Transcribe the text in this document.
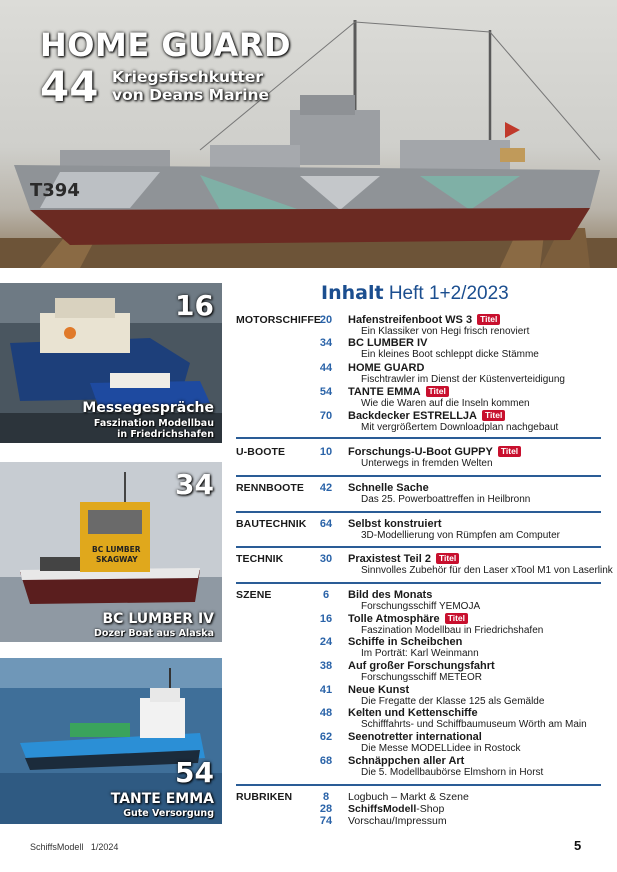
T394
HOME GUARD
44 Kriegsfischkutter
von Deans Marine
16
Messegespräche
Faszination Modellbau
in Friedrichshafen
BC LUMBER
SKAGWAY
34
BC LUMBER IV
Dozer Boat aus Alaska
54
TANTE EMMA
Gute Versorgung
Inhalt Heft 1+2/2023
MOTORSCHIFFE
20	Hafenstreifenboot WS 3 Titel
Ein Klassiker von Hegi frisch renoviert
34	BC LUMBER IV
Ein kleines Boot schleppt dicke Stämme
44	HOME GUARD
Fischtrawler im Dienst der Küstenverteidigung
54	TANTE EMMA Titel
Wie die Waren auf die Inseln kommen
70	Backdecker ESTRELLJA Titel
Mit vergrößertem Downloadplan nachgebaut
U-BOOTE	10	Forschungs-U-Boot GUPPY Titel
Unterwegs in fremden Welten
RENNBOOTE	42	Schnelle Sache
Das 25. Powerboattreffen in Heilbronn
BAUTECHNIK	64	Selbst konstruiert
3D-Modellierung von Rümpfen am Computer
TECHNIK	30	Praxistest Teil 2 Titel
Sinnvolles Zubehör für den Laser xTool M1 von Laserlink
SZENE	6	Bild des Monats
Forschungsschiff YEMOJA
16	Tolle Atmosphäre Titel
Faszination Modellbau in Friedrichshafen
24	Schiffe in Scheibchen
Im Porträt: Karl Weinmann
38	Auf großer Forschungsfahrt
Forschungsschiff METEOR
41	Neue Kunst
Die Fregatte der Klasse 125 als Gemälde
48	Kelten und Kettenschiffe
Schifffahrts- und Schiffbaumuseum Wörth am Main
62	Seenotretter international
Die Messe MODELLidee in Rostock
68	Schnäppchen aller Art
Die 5. Modellbaubörse Elmshorn in Horst
RUBRIKEN	8	Logbuch – Markt & Szene
28	SchiffsModell-Shop
74	Vorschau/Impressum
SchiffsModell   1/2024	5
